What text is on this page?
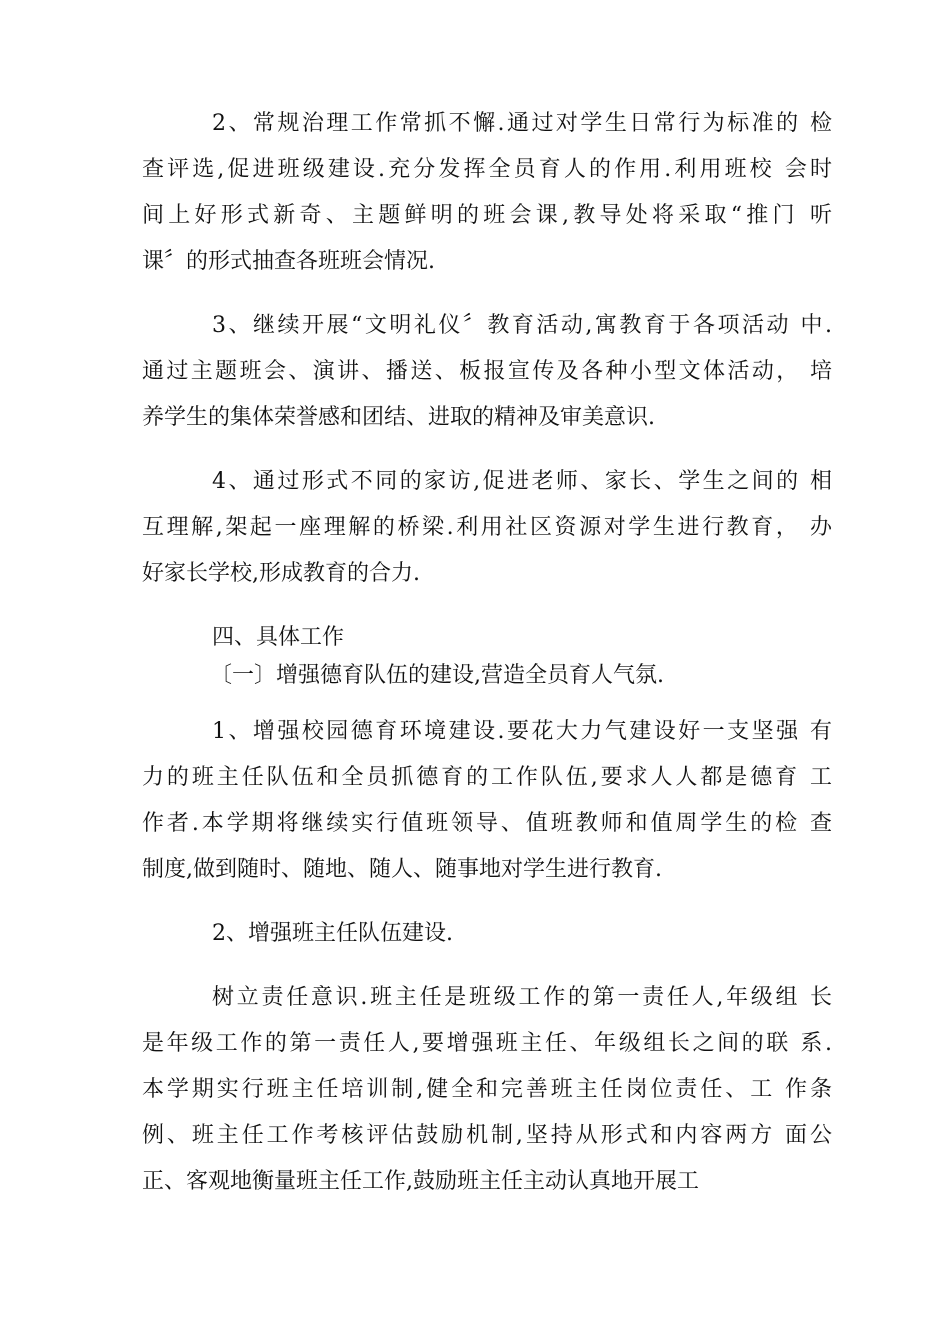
2、常规治理工作常抓不懈.通过对学生日常行为标准的 检
查评选,促进班级建设.充分发挥全员育人的作用.利用班校 会时
间上好形式新奇、主题鲜明的班会课,教导处将采取“推门 听
课〞的形式抽查各班班会情况.
3、继续开展“文明礼仪〞教育活动,寓教育于各项活动 中.
通过主题班会、演讲、播送、板报宣传及各种小型文体活动， 培
养学生的集体荣誉感和团结、进取的精神及审美意识.
4、通过形式不同的家访,促进老师、家长、学生之间的 相
互理解,架起一座理解的桥梁.利用社区资源对学生进行教育， 办
好家长学校,形成教育的合力.
四、具体工作
〔一〕增强德育队伍的建设,营造全员育人气氛.
1、增强校园德育环境建设.要花大力气建设好一支坚强 有
力的班主任队伍和全员抓德育的工作队伍,要求人人都是德育 工
作者.本学期将继续实行值班领导、值班教师和值周学生的检 查
制度,做到随时、随地、随人、随事地对学生进行教育.
2、增强班主任队伍建设.
树立责任意识.班主任是班级工作的第一责任人,年级组 长
是年级工作的第一责任人,要增强班主任、年级组长之间的联 系.
本学期实行班主任培训制,健全和完善班主任岗位责任、工 作条
例、班主任工作考核评估鼓励机制,坚持从形式和内容两方 面公
正、客观地衡量班主任工作,鼓励班主任主动认真地开展工
